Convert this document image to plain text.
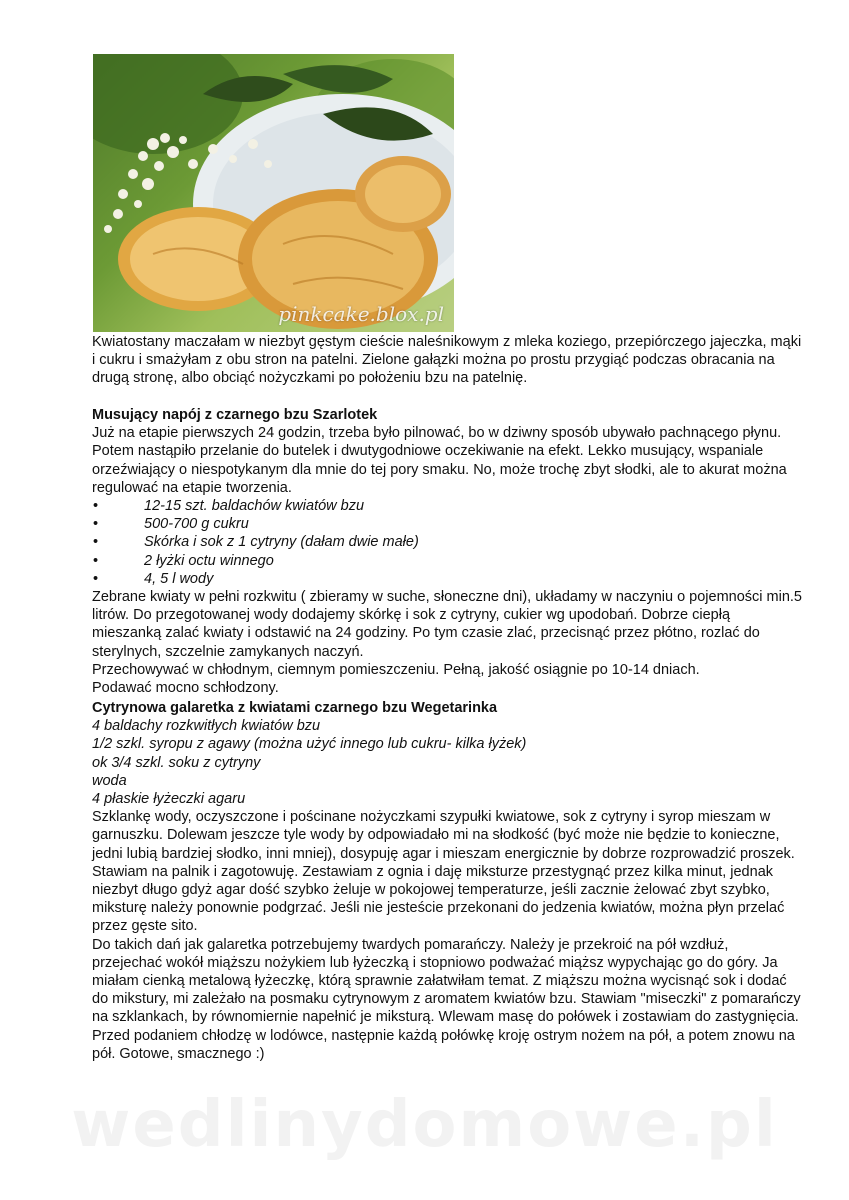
pinkcake.blox.pl

Kwiatostany maczałam w niezbyt gęstym cieście naleśnikowym z mleka koziego, przepiórczego jajeczka, mąki i cukru i smażyłam z obu stron na patelni. Zielone gałązki można po prostu przygiąć podczas obracania na drugą stronę, albo obciąć nożyczkami po położeniu bzu na patelnię.

Musujący napój z czarnego bzu Szarlotek

Już na etapie pierwszych 24 godzin, trzeba było pilnować, bo w dziwny sposób ubywało pachnącego płynu. Potem nastąpiło przelanie do butelek i dwutygodniowe oczekiwanie na efekt. Lekko musujący, wspaniale orzeźwiający o niespotykanym dla mnie do tej pory smaku. No, może trochę zbyt słodki, ale to akurat można regulować na etapie tworzenia.

• 12-15 szt. baldachów kwiatów bzu
• 500-700 g cukru
• Skórka i sok z 1 cytryny (dałam dwie małe)
• 2 łyżki octu winnego
• 4, 5 l wody

Zebrane kwiaty w pełni rozkwitu ( zbieramy w suche, słoneczne dni), układamy w naczyniu o pojemności min.5 litrów. Do przegotowanej wody dodajemy skórkę i sok z cytryny, cukier wg upodobań. Dobrze ciepłą mieszanką zalać kwiaty i odstawić na 24 godziny. Po tym czasie zlać, przecisnąć przez płótno, rozlać do sterylnych, szczelnie zamykanych naczyń.

Przechowywać w chłodnym, ciemnym pomieszczeniu. Pełną, jakość osiągnie po 10-14 dniach.

Podawać mocno schłodzony.

Cytrynowa galaretka z kwiatami czarnego bzu Wegetarinka

4 baldachy rozkwitłych kwiatów bzu

1/2 szkl. syropu z agawy (można użyć innego lub cukru- kilka łyżek)

ok 3/4 szkl. soku z cytryny

woda

4 płaskie łyżeczki agaru

Szklankę wody, oczyszczone i pościnane nożyczkami szypułki kwiatowe, sok z cytryny i syrop mieszam w garnuszku. Dolewam jeszcze tyle wody by odpowiadało mi na słodkość (być może nie będzie to konieczne, jedni lubią bardziej słodko, inni mniej), dosypuję agar i mieszam energicznie by dobrze rozprowadzić proszek. Stawiam na palnik i zagotowuję. Zestawiam z ognia i daję miksturze przestygnąć przez kilka minut, jednak niezbyt długo gdyż agar dość szybko żeluje w pokojowej temperaturze, jeśli zacznie żelować zbyt szybko, miksturę należy ponownie podgrzać. Jeśli nie jesteście przekonani do jedzenia kwiatów, można płyn przelać przez gęste sito.

Do takich dań jak galaretka potrzebujemy twardych pomarańczy. Należy je przekroić na pół wzdłuż, przejechać wokół miąższu nożykiem lub łyżeczką i stopniowo podważać miąższ wypychając go do góry. Ja miałam cienką metalową łyżeczkę, którą sprawnie załatwiłam temat. Z miąższu można wycisnąć sok i dodać do mikstury, mi zależało na posmaku cytrynowym z aromatem kwiatów bzu. Stawiam "miseczki" z pomarańczy na szklankach, by równomiernie napełnić je miksturą. Wlewam masę do połówek i zostawiam do zastygnięcia. Przed podaniem chłodzę w lodówce, następnie każdą połówkę kroję ostrym nożem na pół, a potem znowu na pół. Gotowe, smacznego :)

wedlinydomowe.pl
